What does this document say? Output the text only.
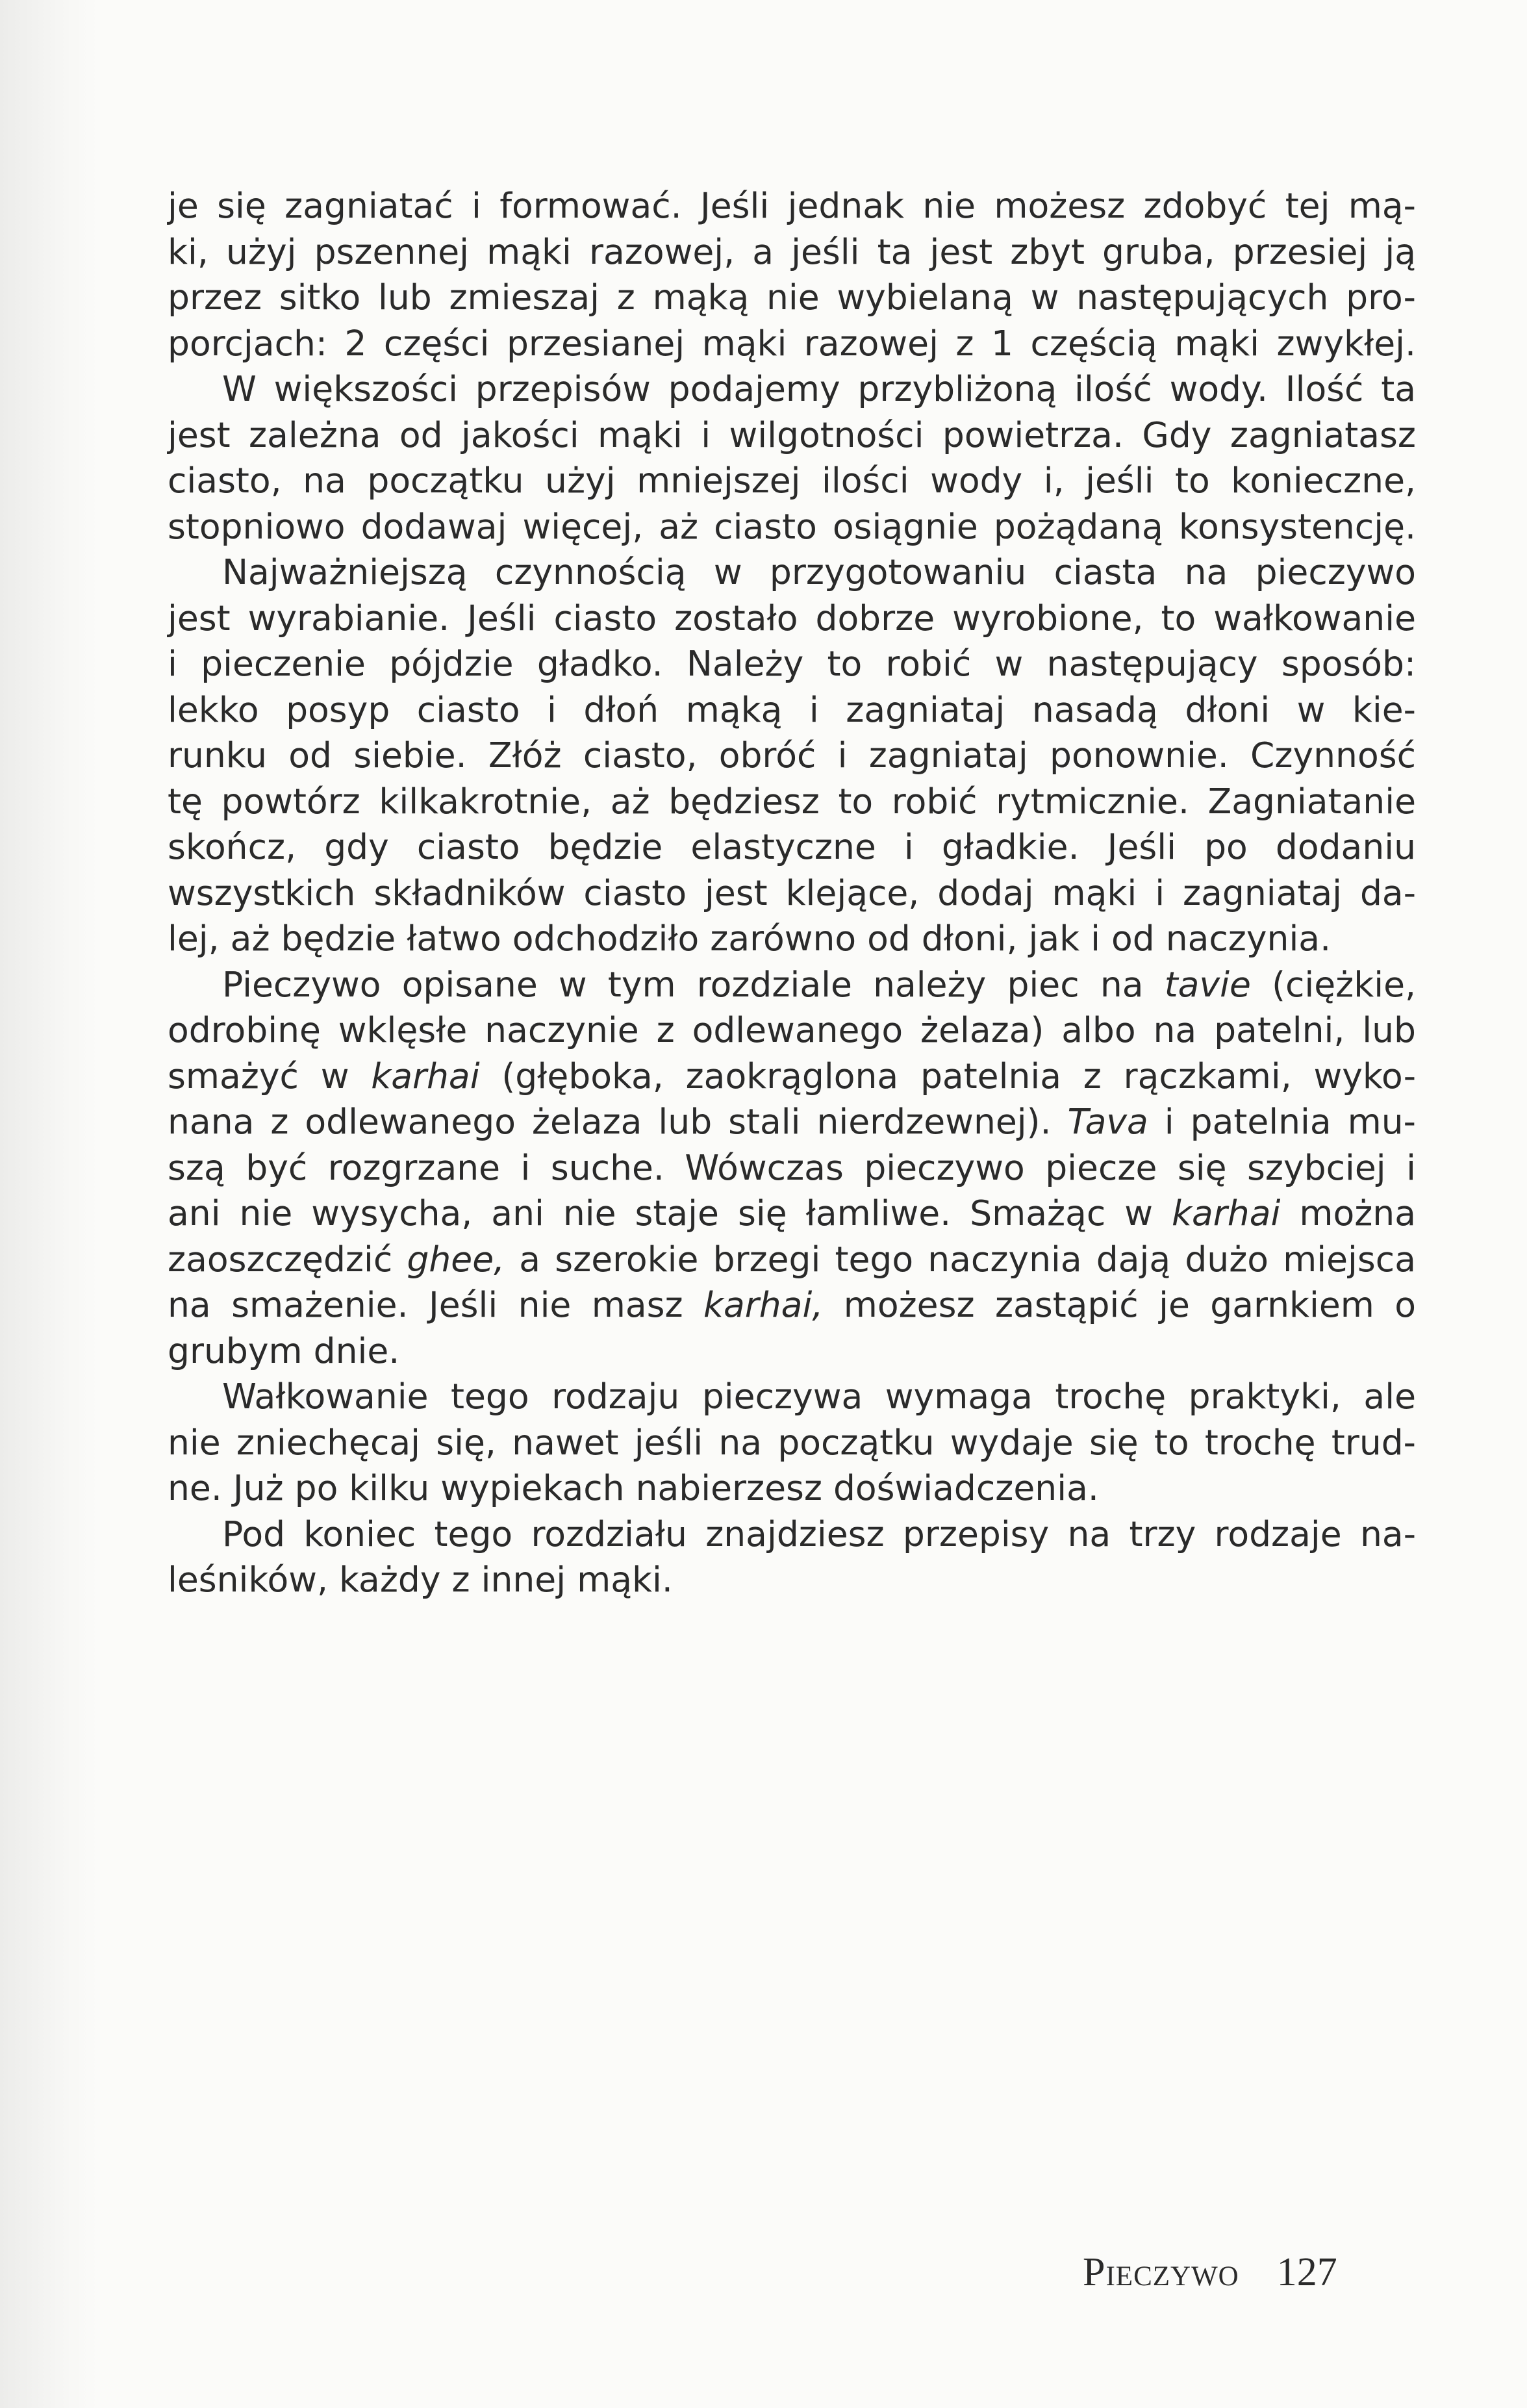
je się zagniatać i formować. Jeśli jednak nie możesz zdobyć tej mą-
ki, użyj pszennej mąki razowej, a jeśli ta jest zbyt gruba, przesiej ją
przez sitko lub zmieszaj z mąką nie wybielaną w następujących pro-
porcjach: 2 części przesianej mąki razowej z 1 częścią mąki zwykłej.
W większości przepisów podajemy przybliżoną ilość wody. Ilość ta
jest zależna od jakości mąki i wilgotności powietrza. Gdy zagniatasz
ciasto, na początku użyj mniejszej ilości wody i, jeśli to konieczne,
stopniowo dodawaj więcej, aż ciasto osiągnie pożądaną konsystencję.
Najważniejszą czynnością w przygotowaniu ciasta na pieczywo
jest wyrabianie. Jeśli ciasto zostało dobrze wyrobione, to wałkowanie
i pieczenie pójdzie gładko. Należy to robić w następujący sposób:
lekko posyp ciasto i dłoń mąką i zagniataj nasadą dłoni w kie-
runku od siebie. Złóż ciasto, obróć i zagniataj ponownie. Czynność
tę powtórz kilkakrotnie, aż będziesz to robić rytmicznie. Zagniatanie
skończ, gdy ciasto będzie elastyczne i gładkie. Jeśli po dodaniu
wszystkich składników ciasto jest klejące, dodaj mąki i zagniataj da-
lej, aż będzie łatwo odchodziło zarówno od dłoni, jak i od naczynia.
Pieczywo opisane w tym rozdziale należy piec na tavie (ciężkie,
odrobinę wklęsłe naczynie z odlewanego żelaza) albo na patelni, lub
smażyć w karhai (głęboka, zaokrąglona patelnia z rączkami, wyko-
nana z odlewanego żelaza lub stali nierdzewnej). Tava i patelnia mu-
szą być rozgrzane i suche. Wówczas pieczywo piecze się szybciej i
ani nie wysycha, ani nie staje się łamliwe. Smażąc w karhai można
zaoszczędzić ghee, a szerokie brzegi tego naczynia dają dużo miejsca
na smażenie. Jeśli nie masz karhai, możesz zastąpić je garnkiem o
grubym dnie.
Wałkowanie tego rodzaju pieczywa wymaga trochę praktyki, ale
nie zniechęcaj się, nawet jeśli na początku wydaje się to trochę trud-
ne. Już po kilku wypiekach nabierzesz doświadczenia.
Pod koniec tego rozdziału znajdziesz przepisy na trzy rodzaje na-
leśników, każdy z innej mąki.
Pieczywo 127
